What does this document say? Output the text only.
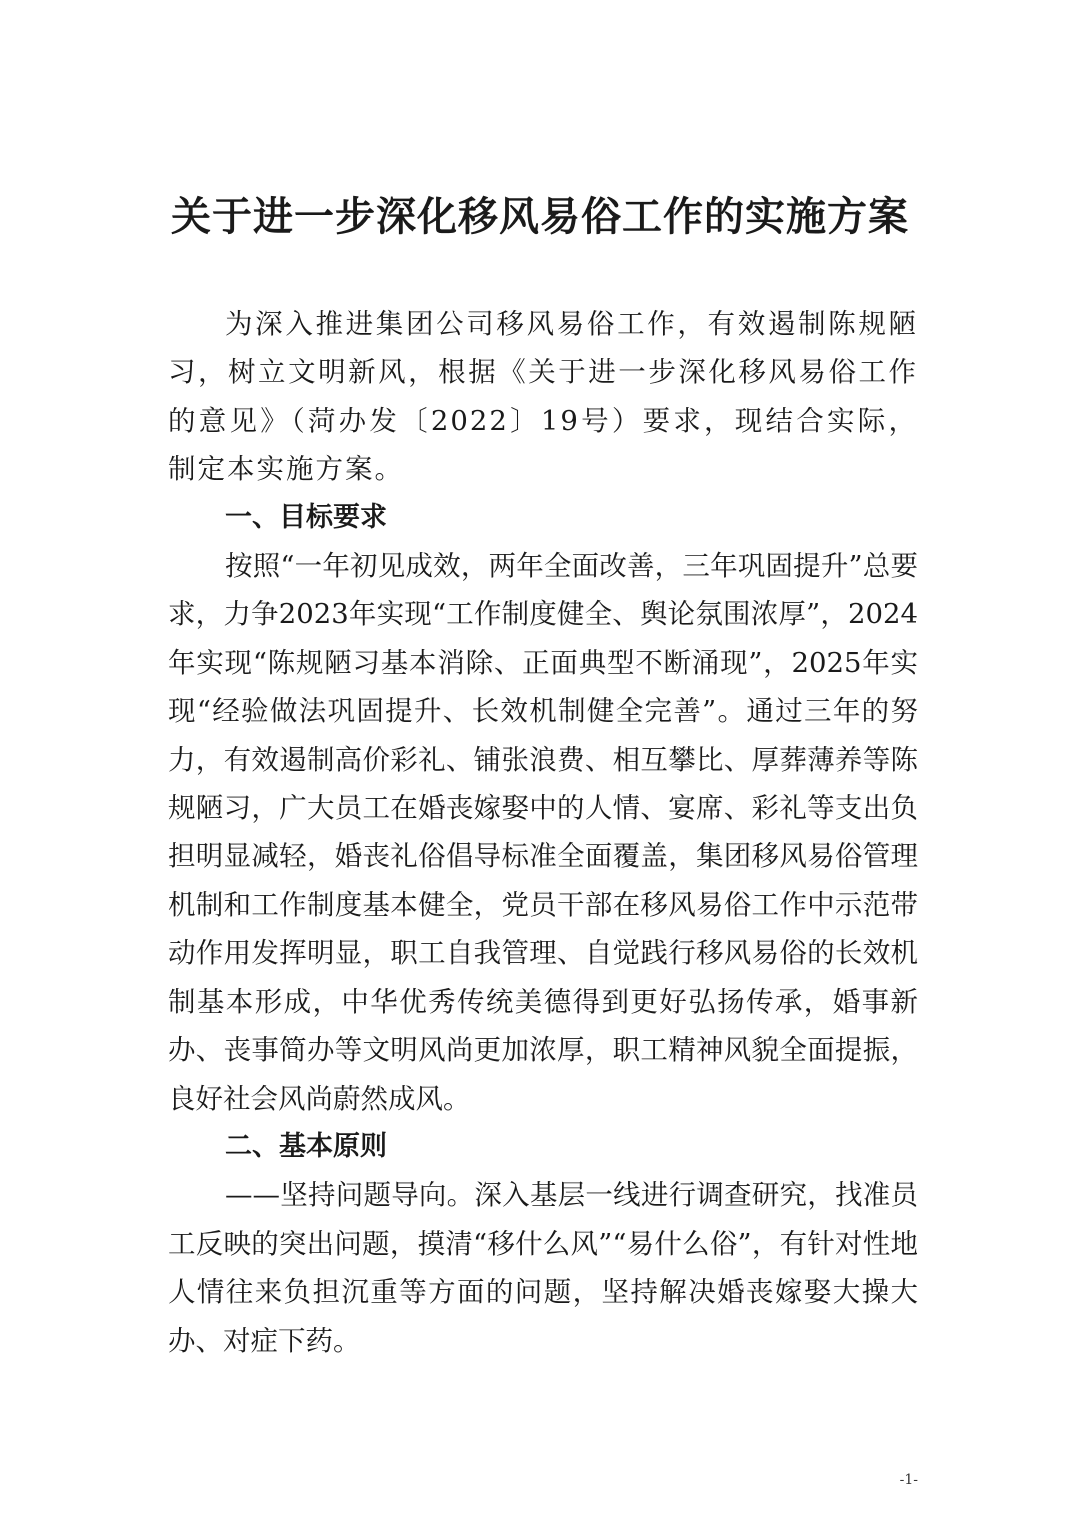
关于进一步深化移风易俗工作的实施方案

为深入推进集团公司移风易俗工作，有效遏制陈规陋习，树立文明新风，根据《关于进一步深化移风易俗工作的意见》（菏办发〔2022〕19号）要求，现结合实际，制定本实施方案。

一、目标要求

按照“一年初见成效，两年全面改善，三年巩固提升”总要求，力争2023年实现“工作制度健全、舆论氛围浓厚”，2024年实现“陈规陋习基本消除、正面典型不断涌现”，2025年实现“经验做法巩固提升、长效机制健全完善”。通过三年的努力，有效遏制高价彩礼、铺张浪费、相互攀比、厚葬薄养等陈规陋习，广大员工在婚丧嫁娶中的人情、宴席、彩礼等支出负担明显减轻，婚丧礼俗倡导标准全面覆盖，集团移风易俗管理机制和工作制度基本健全，党员干部在移风易俗工作中示范带动作用发挥明显，职工自我管理、自觉践行移风易俗的长效机制基本形成，中华优秀传统美德得到更好弘扬传承，婚事新办、丧事简办等文明风尚更加浓厚，职工精神风貌全面提振，良好社会风尚蔚然成风。

二、基本原则

——坚持问题导向。深入基层一线进行调查研究，找准员工反映的突出问题，摸清“移什么风”“易什么俗”，有针对性地人情往来负担沉重等方面的问题，坚持解决婚丧嫁娶大操大办、对症下药。

-1-
